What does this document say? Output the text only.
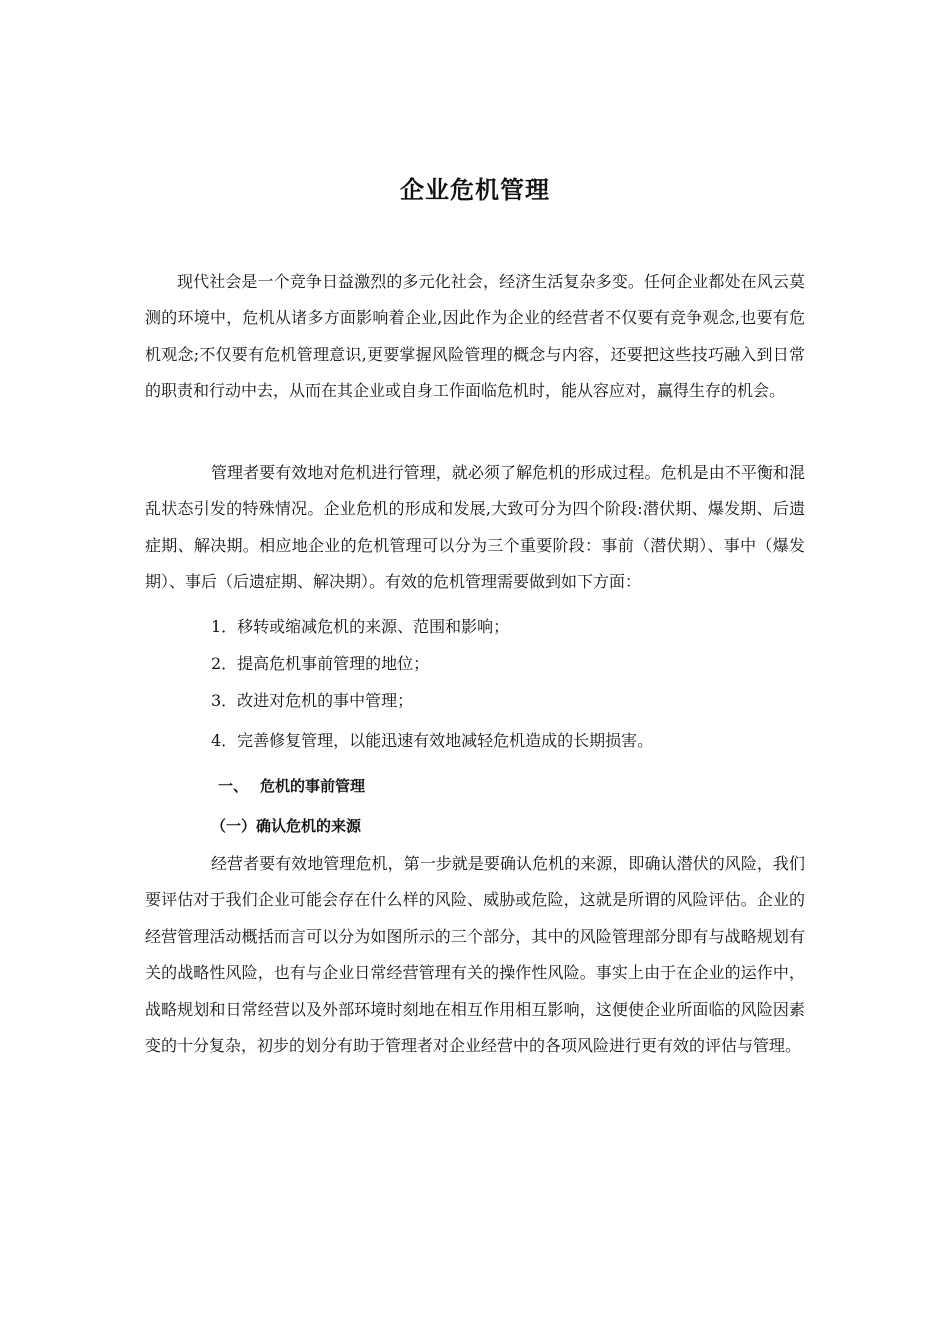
企业危机管理

现代社会是一个竞争日益激烈的多元化社会，经济生活复杂多变。任何企业都处在风云莫测的环境中，危机从诸多方面影响着企业,因此作为企业的经营者不仅要有竞争观念,也要有危机观念;不仅要有危机管理意识,更要掌握风险管理的概念与内容，还要把这些技巧融入到日常的职责和行动中去，从而在其企业或自身工作面临危机时，能从容应对，赢得生存的机会。

管理者要有效地对危机进行管理，就必须了解危机的形成过程。危机是由不平衡和混乱状态引发的特殊情况。企业危机的形成和发展,大致可分为四个阶段:潜伏期、爆发期、后遗症期、解决期。相应地企业的危机管理可以分为三个重要阶段：事前（潜伏期）、事中（爆发期）、事后（后遗症期、解决期）。有效的危机管理需要做到如下方面：

1．移转或缩减危机的来源、范围和影响；

2．提高危机事前管理的地位；

3．改进对危机的事中管理；

4．完善修复管理，以能迅速有效地减轻危机造成的长期损害。

一、 危机的事前管理
（一）确认危机的来源

经营者要有效地管理危机，第一步就是要确认危机的来源，即确认潜伏的风险，我们要评估对于我们企业可能会存在什么样的风险、威胁或危险，这就是所谓的风险评估。企业的经营管理活动概括而言可以分为如图所示的三个部分，其中的风险管理部分即有与战略规划有关的战略性风险，也有与企业日常经营管理有关的操作性风险。事实上由于在企业的运作中，战略规划和日常经营以及外部环境时刻地在相互作用相互影响，这便使企业所面临的风险因素变的十分复杂，初步的划分有助于管理者对企业经营中的各项风险进行更有效的评估与管理。
